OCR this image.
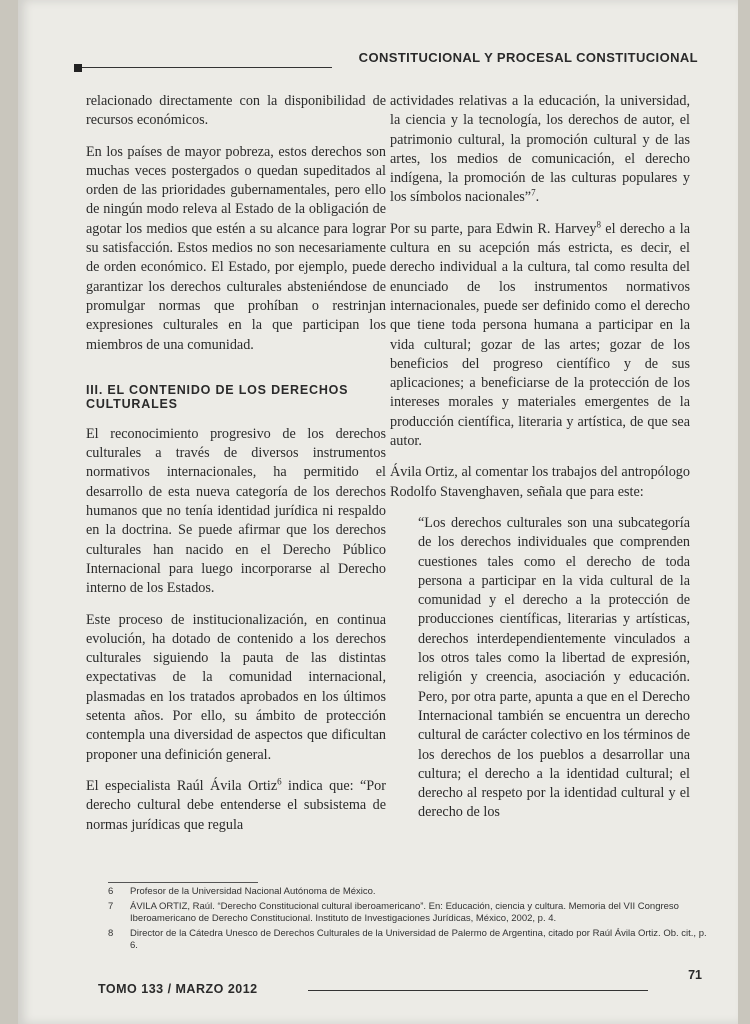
CONSTITUCIONAL Y PROCESAL CONSTITUCIONAL

relacionado directamente con la disponibilidad de recursos económicos.

En los países de mayor pobreza, estos derechos son muchas veces postergados o quedan supeditados al orden de las prioridades gubernamentales, pero ello de ningún modo releva al Estado de la obligación de agotar los medios que estén a su alcance para lograr su satisfacción. Estos medios no son necesariamente de orden económico. El Estado, por ejemplo, puede garantizar los derechos culturales absteniéndose de promulgar normas que prohíban o restrinjan expresiones culturales en la que participan los miembros de una comunidad.

III. EL CONTENIDO DE LOS DERECHOS CULTURALES

El reconocimiento progresivo de los derechos culturales a través de diversos instrumentos normativos internacionales, ha permitido el desarrollo de esta nueva categoría de los derechos humanos que no tenía identidad jurídica ni respaldo en la doctrina. Se puede afirmar que los derechos culturales han nacido en el Derecho Público Internacional para luego incorporarse al Derecho interno de los Estados.

Este proceso de institucionalización, en continua evolución, ha dotado de contenido a los derechos culturales siguiendo la pauta de las distintas expectativas de la comunidad internacional, plasmadas en los tratados aprobados en los últimos setenta años. Por ello, su ámbito de protección contempla una diversidad de aspectos que dificultan proponer una definición general.

El especialista Raúl Ávila Ortiz$^6$ indica que: “Por derecho cultural debe entenderse el subsistema de normas jurídicas que regula

actividades relativas a la educación, la universidad, la ciencia y la tecnología, los derechos de autor, el patrimonio cultural, la promoción cultural y de las artes, los medios de comunicación, el derecho indígena, la promoción de las culturas populares y los símbolos nacionales”$^7$.

Por su parte, para Edwin R. Harvey$^8$ el derecho a la cultura en su acepción más estricta, es decir, el derecho individual a la cultura, tal como resulta del enunciado de los instrumentos normativos internacionales, puede ser definido como el derecho que tiene toda persona humana a participar en la vida cultural; gozar de las artes; gozar de los beneficios del progreso científico y de sus aplicaciones; a beneficiarse de la protección de los intereses morales y materiales emergentes de la producción científica, literaria y artística, de que sea autor.

Ávila Ortiz, al comentar los trabajos del antropólogo Rodolfo Stavenghaven, señala que para este:

“Los derechos culturales son una subcategoría de los derechos individuales que comprenden cuestiones tales como el derecho de toda persona a participar en la vida cultural de la comunidad y el derecho a la protección de producciones científicas, literarias y artísticas, derechos interdependientemente vinculados a los otros tales como la libertad de expresión, religión y creencia, asociación y educación. Pero, por otra parte, apunta a que en el Derecho Internacional también se encuentra un derecho cultural de carácter colectivo en los términos de los derechos de los pueblos a desarrollar una cultura; el derecho a la identidad cultural; el derecho al respeto por la identidad cultural y el derecho de los
6	Profesor de la Universidad Nacional Autónoma de México.
7	ÁVILA ORTIZ, Raúl. “Derecho Constitucional cultural iberoamericano”. En: Educación, ciencia y cultura. Memoria del VII Congreso Iberoamericano de Derecho Constitucional. Instituto de Investigaciones Jurídicas, México, 2002, p. 4.
8	Director de la Cátedra Unesco de Derechos Culturales de la Universidad de Palermo de Argentina, citado por Raúl Ávila Ortiz. Ob. cit., p. 6.
TOMO 133 / MARZO 2012
71
